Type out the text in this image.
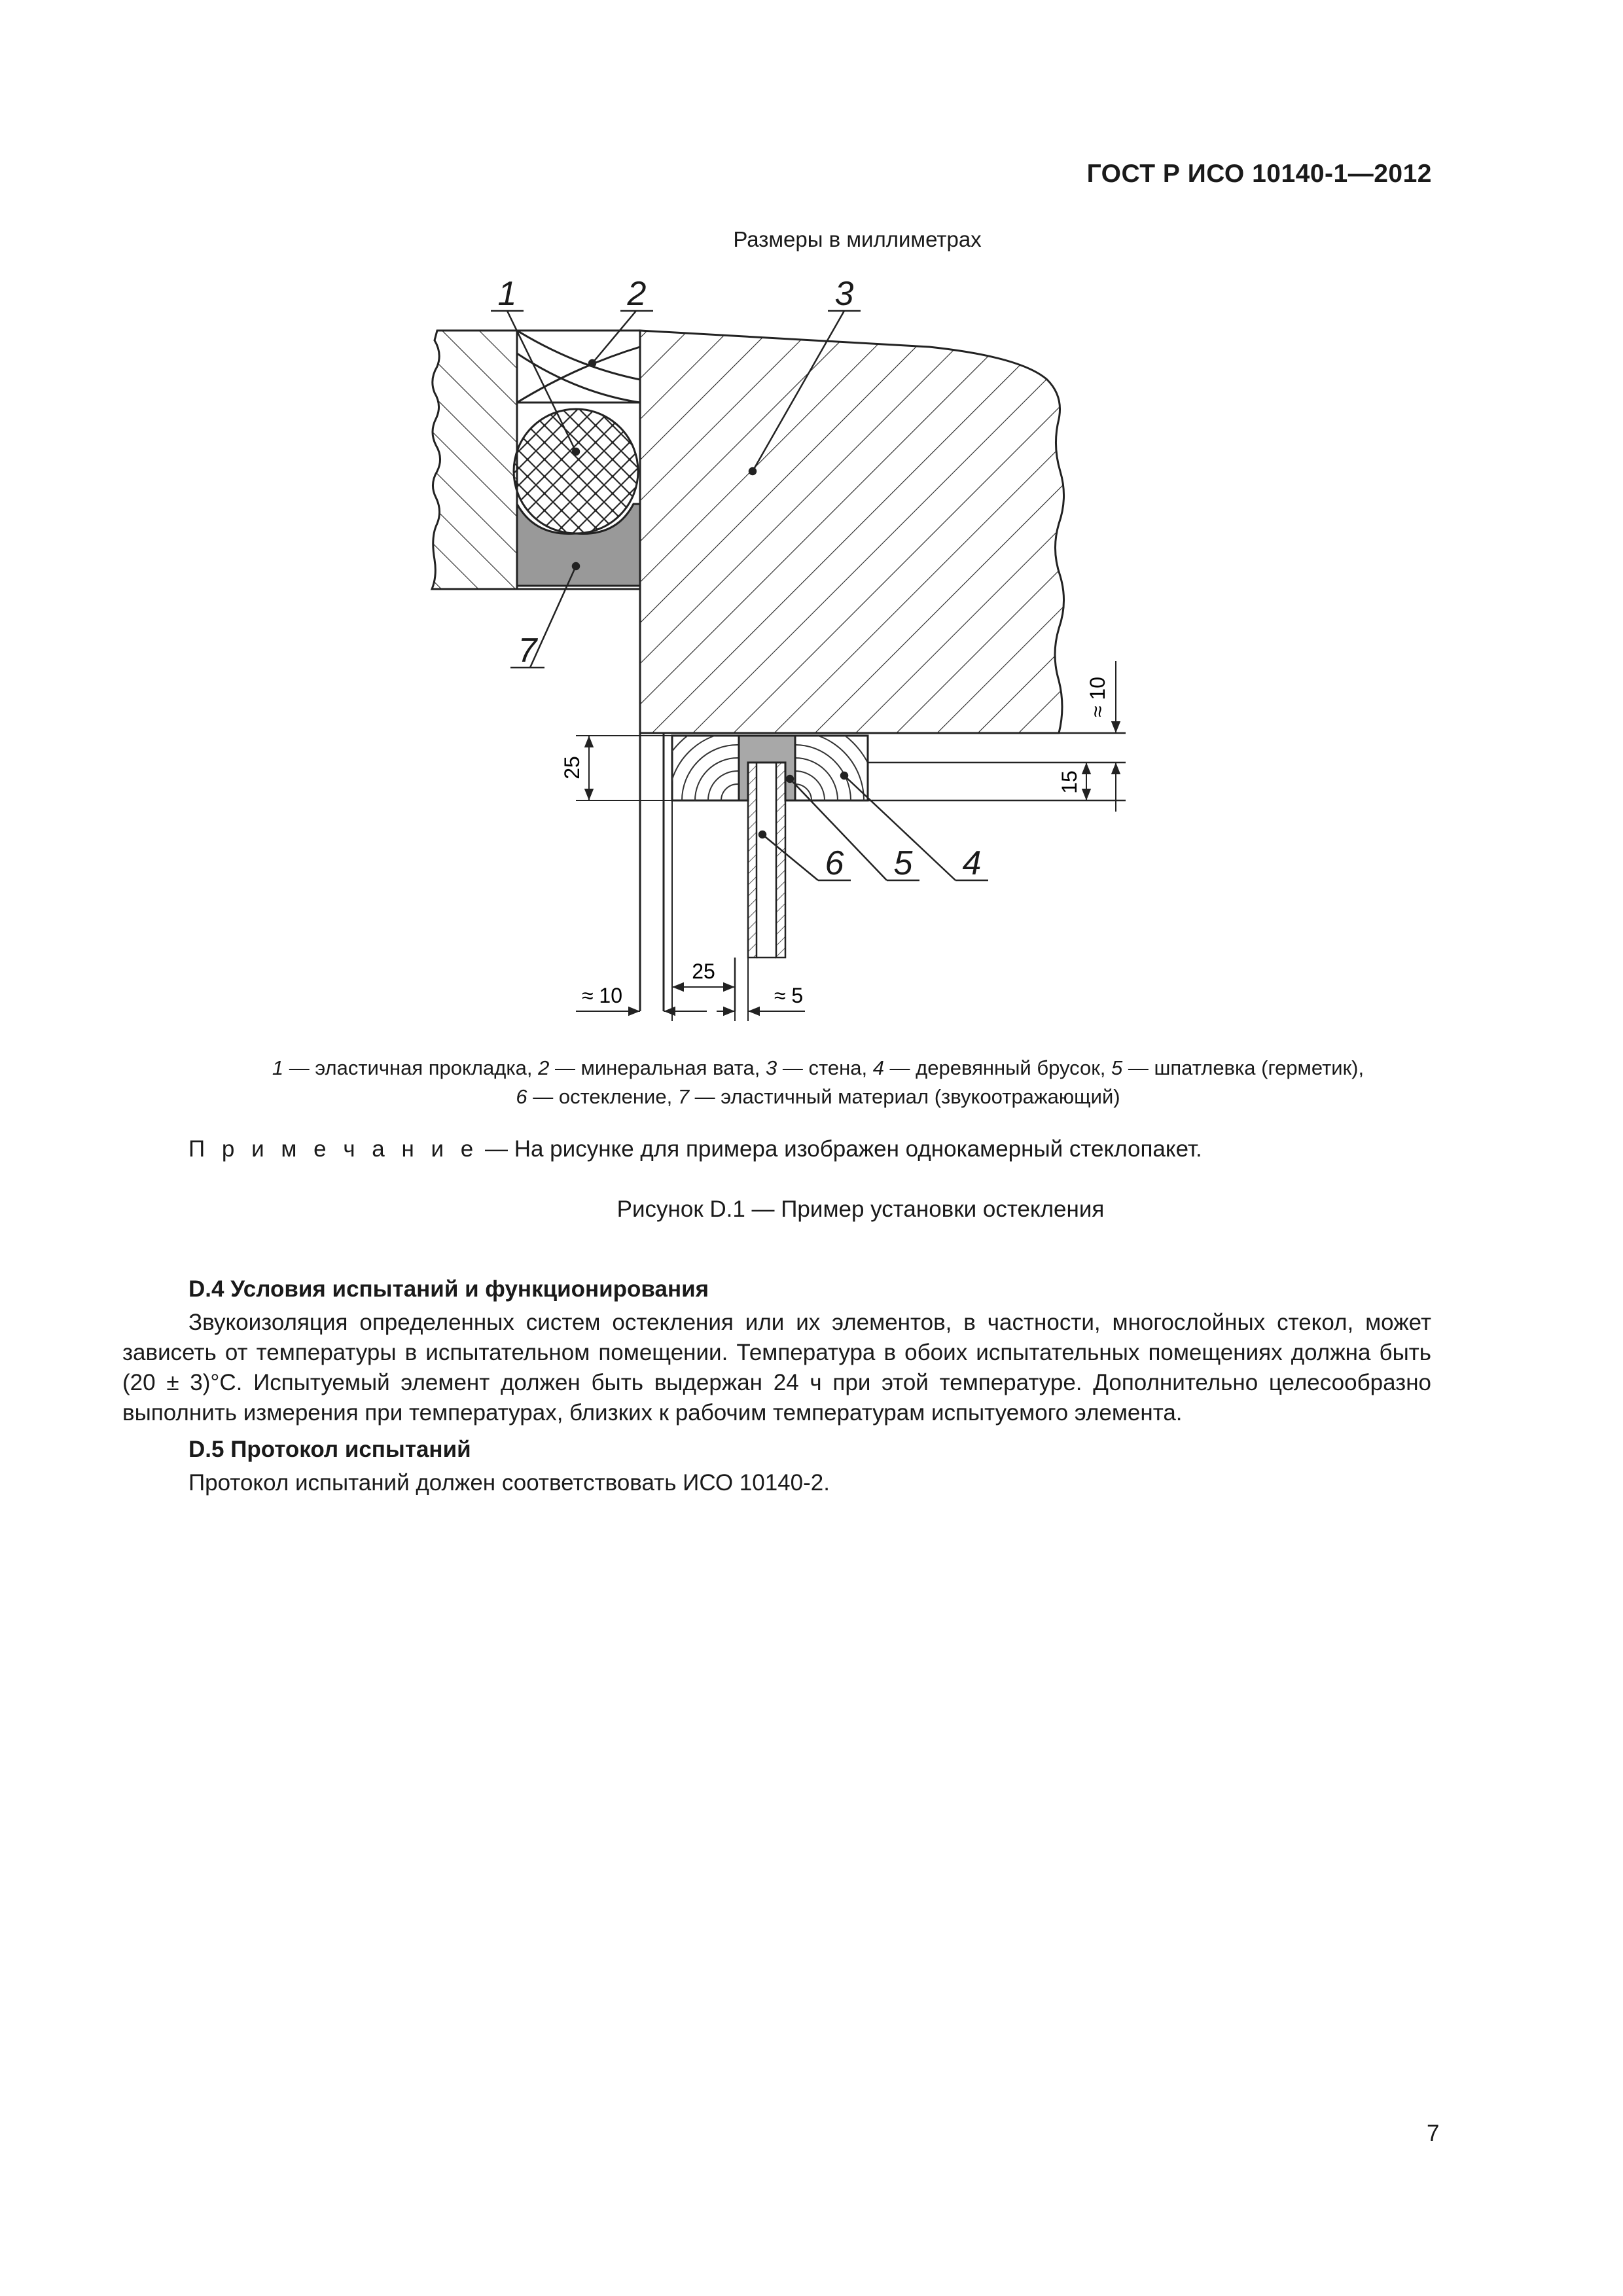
ГОСТ Р ИСО 10140-1—2012
Размеры в миллиметрах
≈ 10
15
25
≈ 10
25
≈ 5
1	2	3
7
6 5 4
1 — эластичная прокладка, 2 — минеральная вата, 3 — стена, 4 — деревянный брусок, 5 — шпатлевка (герметик),
6 — остекление, 7 — эластичный материал (звукоотражающий)
П р и м е ч а н и е — На рисунке для примера изображен однокамерный стеклопакет.
Рисунок D.1 — Пример установки остекления
D.4 Условия испытаний и функционирования

Звукоизоляция определенных систем остекления или их элементов, в частности, многослойных стекол, может зависеть от температуры в испытательном помещении. Температура в обоих испытательных помещениях должна быть (20 ± 3)°С. Испытуемый элемент должен быть выдержан 24 ч при этой температуре. Дополнительно целесообразно выполнить измерения при температурах, близких к рабочим температурам испытуемого элемента.

D.5 Протокол испытаний

Протокол испытаний должен соответствовать ИСО 10140-2.

7
